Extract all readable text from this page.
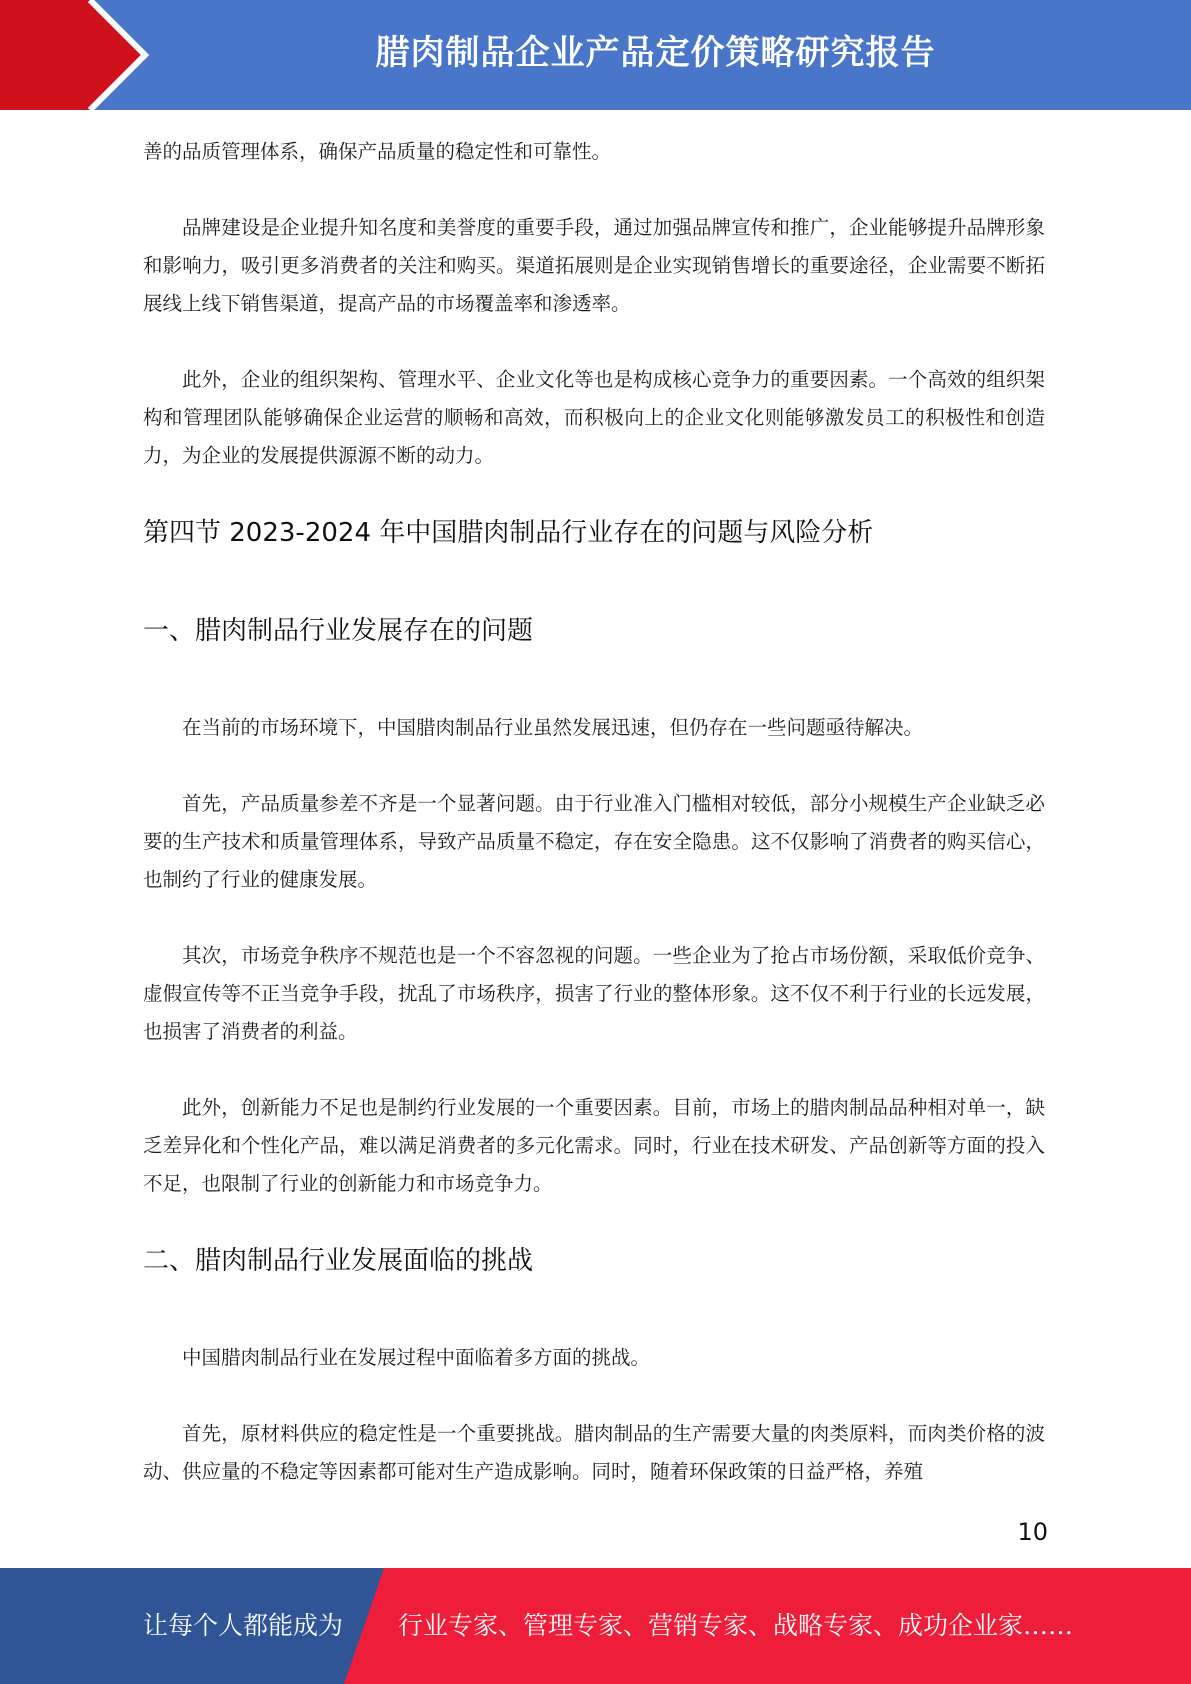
腊肉制品企业产品定价策略研究报告

善的品质管理体系，确保产品质量的稳定性和可靠性。

品牌建设是企业提升知名度和美誉度的重要手段，通过加强品牌宣传和推广，企业能够提升品牌形象和影响力，吸引更多消费者的关注和购买。渠道拓展则是企业实现销售增长的重要途径，企业需要不断拓展线上线下销售渠道，提高产品的市场覆盖率和渗透率。

此外，企业的组织架构、管理水平、企业文化等也是构成核心竞争力的重要因素。一个高效的组织架构和管理团队能够确保企业运营的顺畅和高效，而积极向上的企业文化则能够激发员工的积极性和创造力，为企业的发展提供源源不断的动力。

第四节 2023-2024 年中国腊肉制品行业存在的问题与风险分析
一、腊肉制品行业发展存在的问题

在当前的市场环境下，中国腊肉制品行业虽然发展迅速，但仍存在一些问题亟待解决。

首先，产品质量参差不齐是一个显著问题。由于行业准入门槛相对较低，部分小规模生产企业缺乏必要的生产技术和质量管理体系，导致产品质量不稳定，存在安全隐患。这不仅影响了消费者的购买信心，也制约了行业的健康发展。

其次，市场竞争秩序不规范也是一个不容忽视的问题。一些企业为了抢占市场份额，采取低价竞争、虚假宣传等不正当竞争手段，扰乱了市场秩序，损害了行业的整体形象。这不仅不利于行业的长远发展，也损害了消费者的利益。

此外，创新能力不足也是制约行业发展的一个重要因素。目前，市场上的腊肉制品品种相对单一，缺乏差异化和个性化产品，难以满足消费者的多元化需求。同时，行业在技术研发、产品创新等方面的投入不足，也限制了行业的创新能力和市场竞争力。

二、腊肉制品行业发展面临的挑战

中国腊肉制品行业在发展过程中面临着多方面的挑战。

首先，原材料供应的稳定性是一个重要挑战。腊肉制品的生产需要大量的肉类原料，而肉类价格的波动、供应量的不稳定等因素都可能对生产造成影响。同时，随着环保政策的日益严格，养殖

10
让每个人都能成为 行业专家、管理专家、营销专家、战略专家、成功企业家……
